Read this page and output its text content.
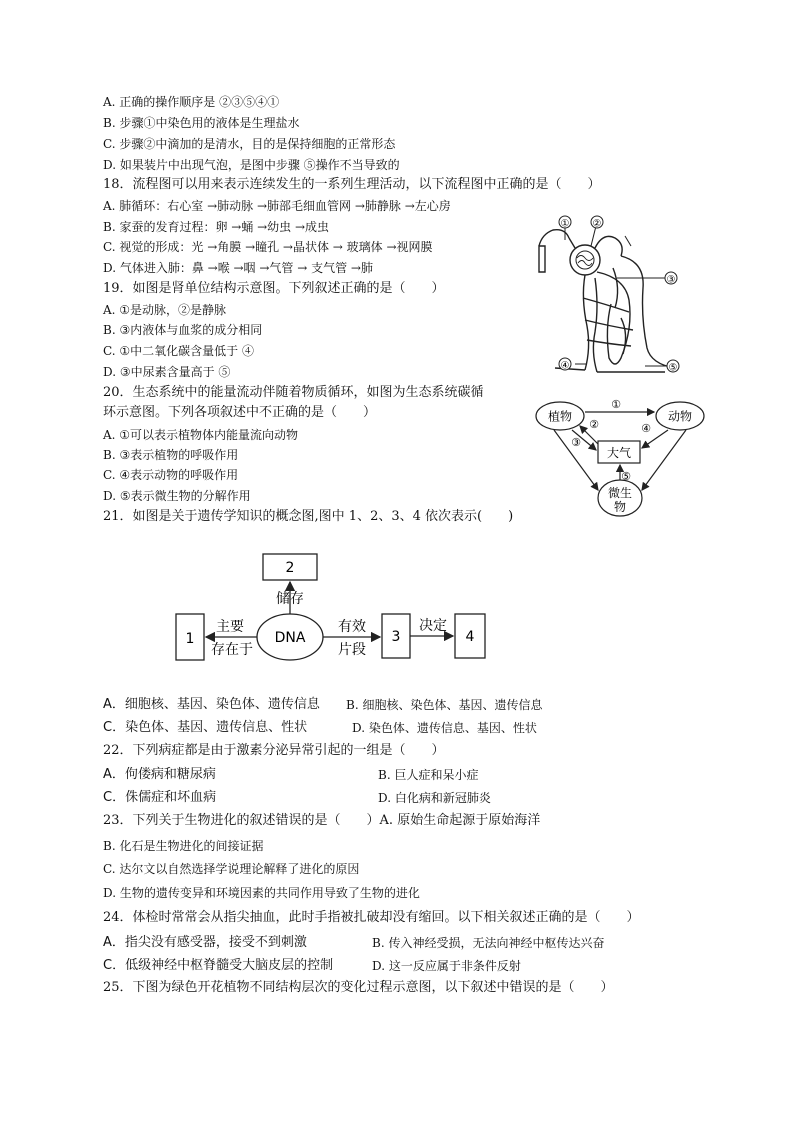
A. 正确的操作顺序是 ②③⑤④①
B. 步骤①中染色用的液体是生理盐水
C. 步骤②中滴加的是清水，目的是保持细胞的正常形态
D. 如果装片中出现气泡，是图中步骤 ⑤操作不当导致的
18．流程图可以用来表示连续发生的一系列生理活动，以下流程图中正确的是（　　）
A. 肺循环：右心室 →肺动脉 →肺部毛细血管网 →肺静脉 →左心房
B. 家蚕的发育过程：卵 →蛹 →幼虫 →成虫
C. 视觉的形成：光 →角膜 →瞳孔 →晶状体 → 玻璃体 →视网膜
D. 气体进入肺：鼻 →喉 →咽 →气管 → 支气管 →肺
19．如图是肾单位结构示意图。下列叙述正确的是（　　）
A. ①是动脉，②是静脉
B. ③内液体与血浆的成分相同
C. ①中二氧化碳含量低于 ④
D. ③中尿素含量高于 ⑤
① ②
③
④	⑤
20．生态系统中的能量流动伴随着物质循环，如图为生态系统碳循
环示意图。下列各项叙述中不正确的是（　　）
A. ①可以表示植物体内能量流向动物
B. ③表示植物的呼吸作用
C. ④表示动物的呼吸作用
D. ⑤表示微生物的分解作用
植物	动物
大气
微生
物
①
②
③
④
⑤
21．如图是关于遗传学知识的概念图,图中 1、2、3、4 依次表示(　　)
2
1	DNA	3	4
储存
主要
存在于
有效
片段
决定
A．细胞核、基因、染色体、遗传信息 B. 细胞核、染色体、基因、遗传信息
C．染色体、基因、遗传信息、性状	D. 染色体、遗传信息、基因、性状
22．下列病症都是由于激素分泌异常引起的一组是（　　）
A．佝偻病和糖尿病	B. 巨人症和呆小症
C．侏儒症和坏血病	D. 白化病和新冠肺炎
23．下列关于生物进化的叙述错误的是（　　）A. 原始生命起源于原始海洋
B. 化石是生物进化的间接证据
C. 达尔文以自然选择学说理论解释了进化的原因
D. 生物的遗传变异和环境因素的共同作用导致了生物的进化
24．体检时常常会从指尖抽血，此时手指被扎破却没有缩回。以下相关叙述正确的是（　　）
A．指尖没有感受器，接受不到刺激	B. 传入神经受损，无法向神经中枢传达兴奋
C．低级神经中枢脊髓受大脑皮层的控制	D. 这一反应属于非条件反射
25．下图为绿色开花植物不同结构层次的变化过程示意图，以下叙述中错误的是（　　）
